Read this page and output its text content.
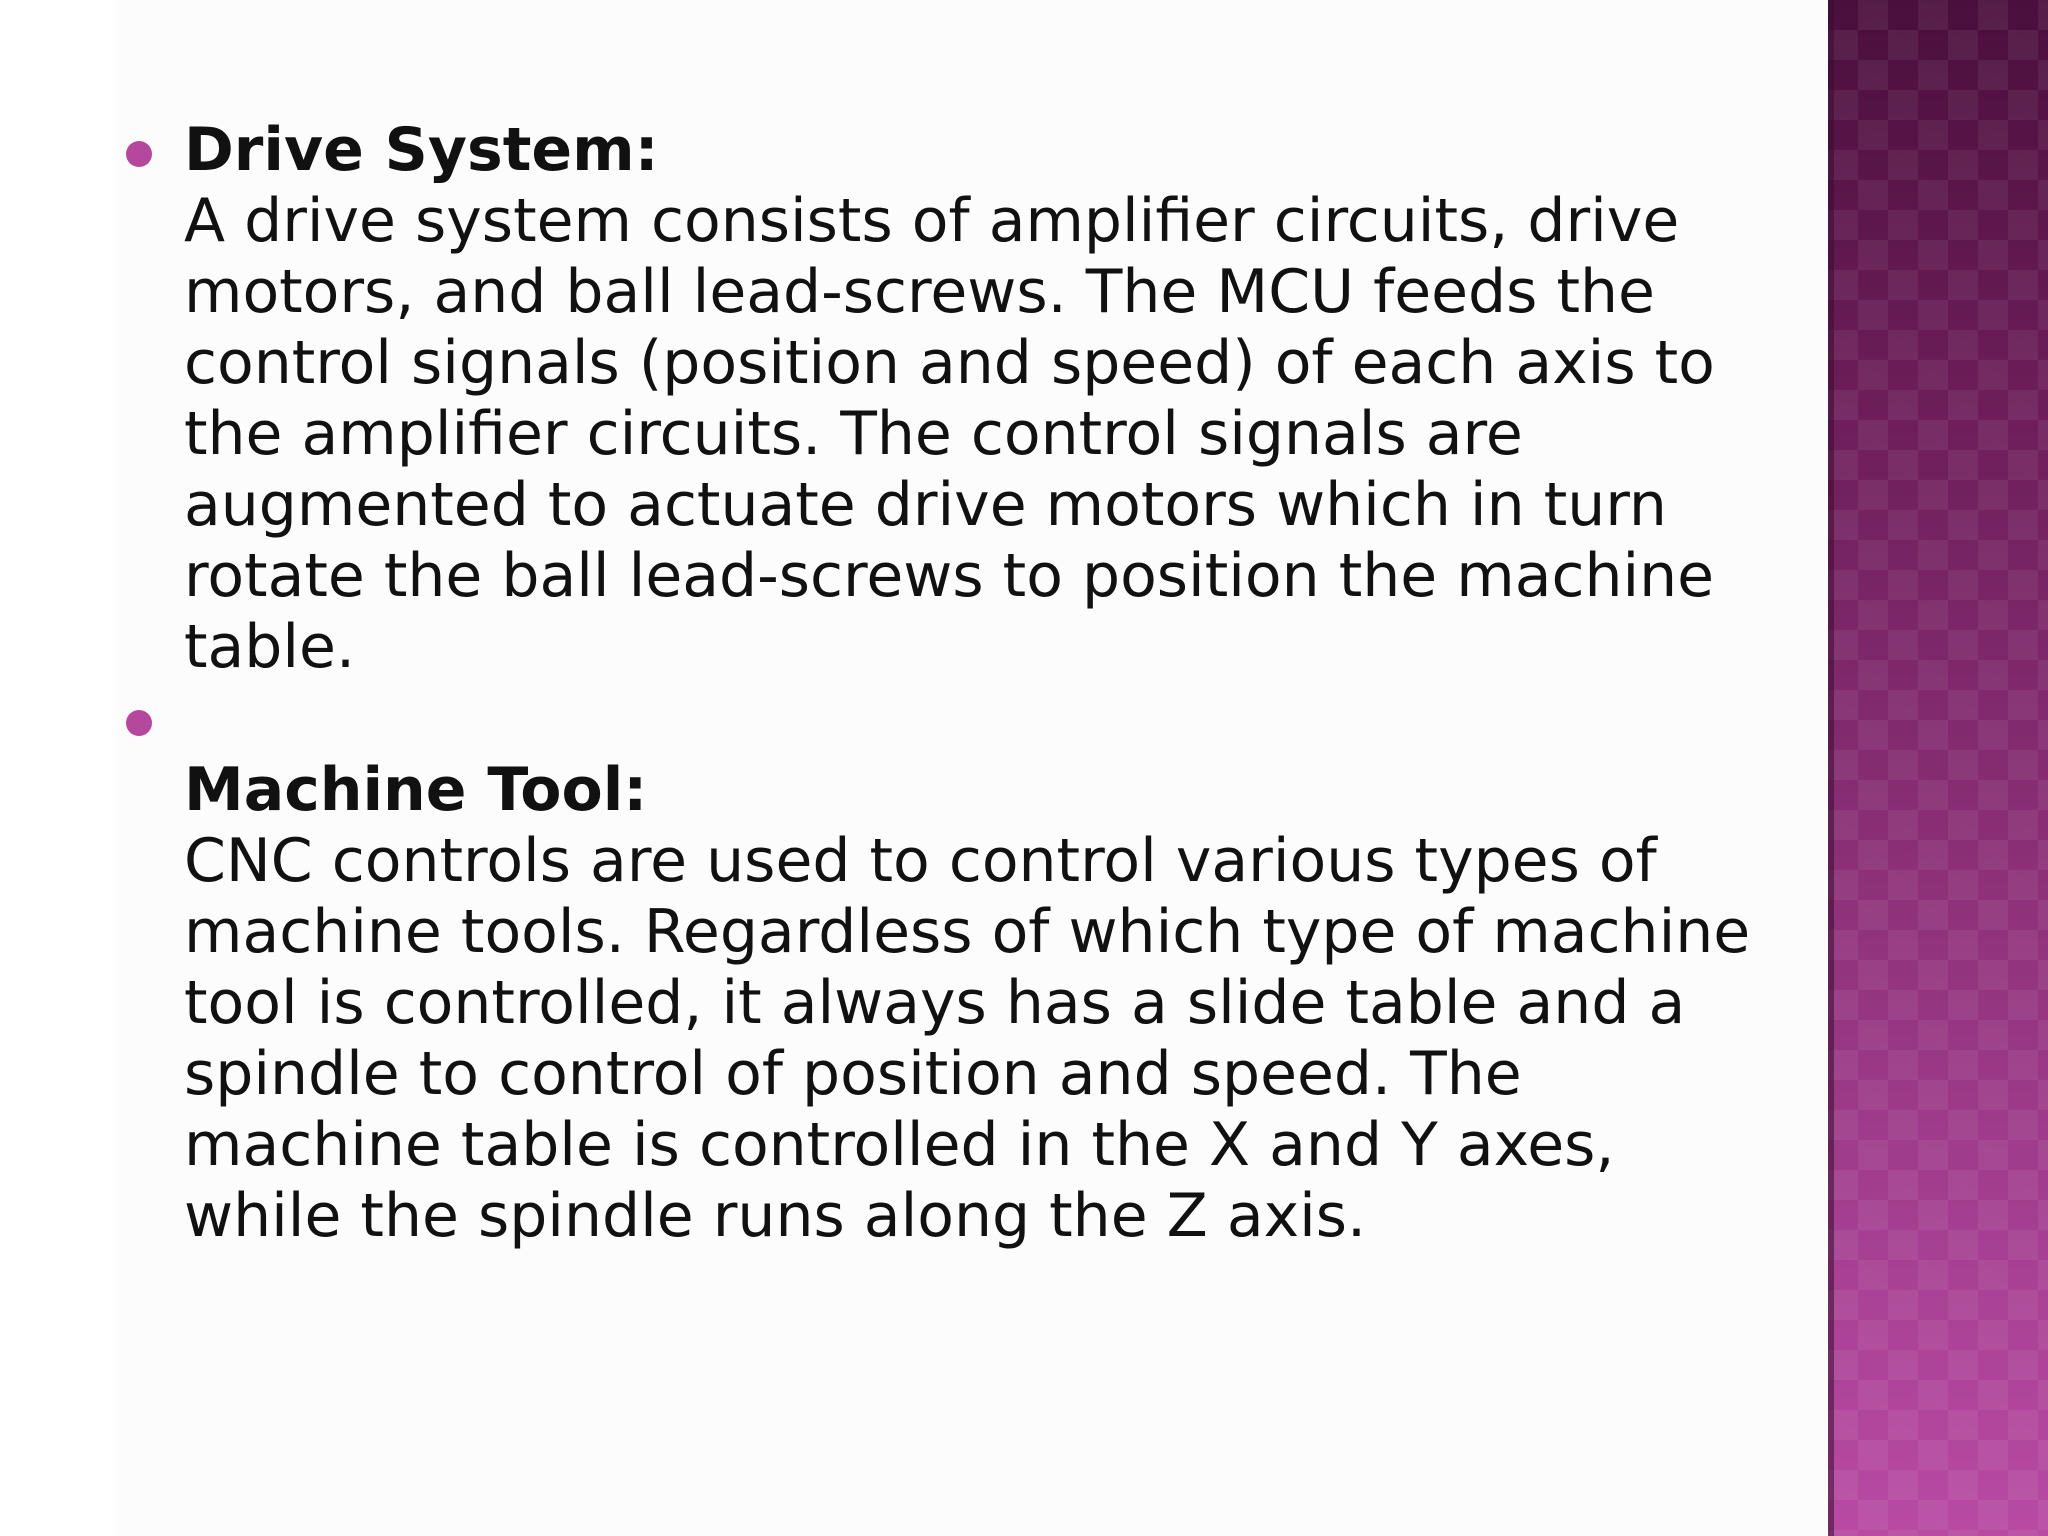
Drive System:
A drive system consists of amplifier circuits, drive motors, and ball lead-screws. The MCU feeds the control signals (position and speed) of each axis to the amplifier circuits. The control signals are augmented to actuate drive motors which in turn rotate the ball lead-screws to position the machine table.
Machine Tool:
CNC controls are used to control various types of machine tools. Regardless of which type of machine tool is controlled, it always has a slide table and a spindle to control of position and speed. The machine table is controlled in the X and Y axes, while the spindle runs along the Z axis.
